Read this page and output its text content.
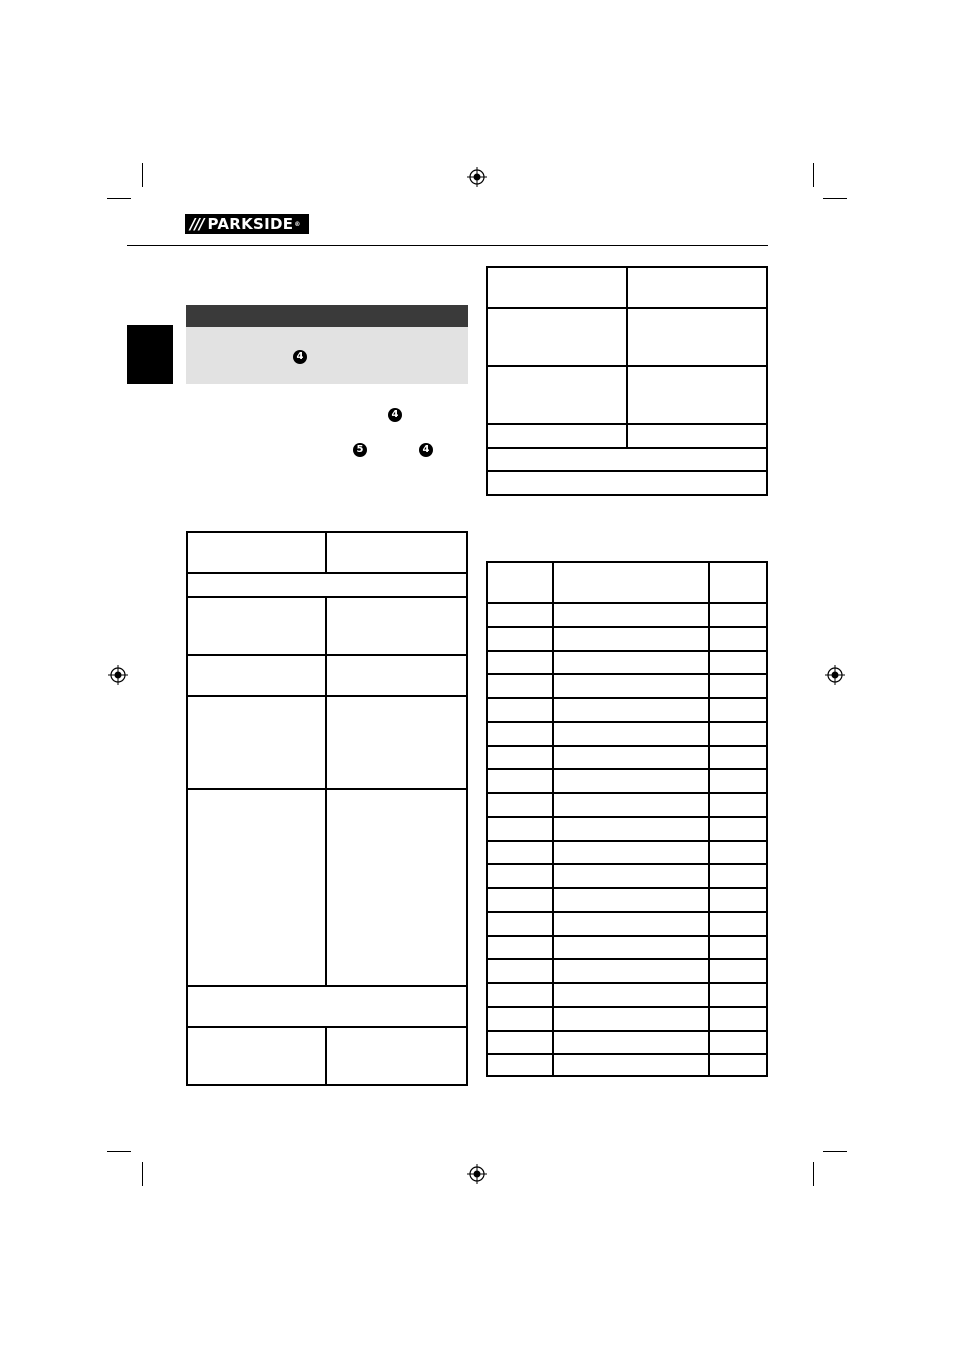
/// PARKSIDE ®
4
4
5	4
